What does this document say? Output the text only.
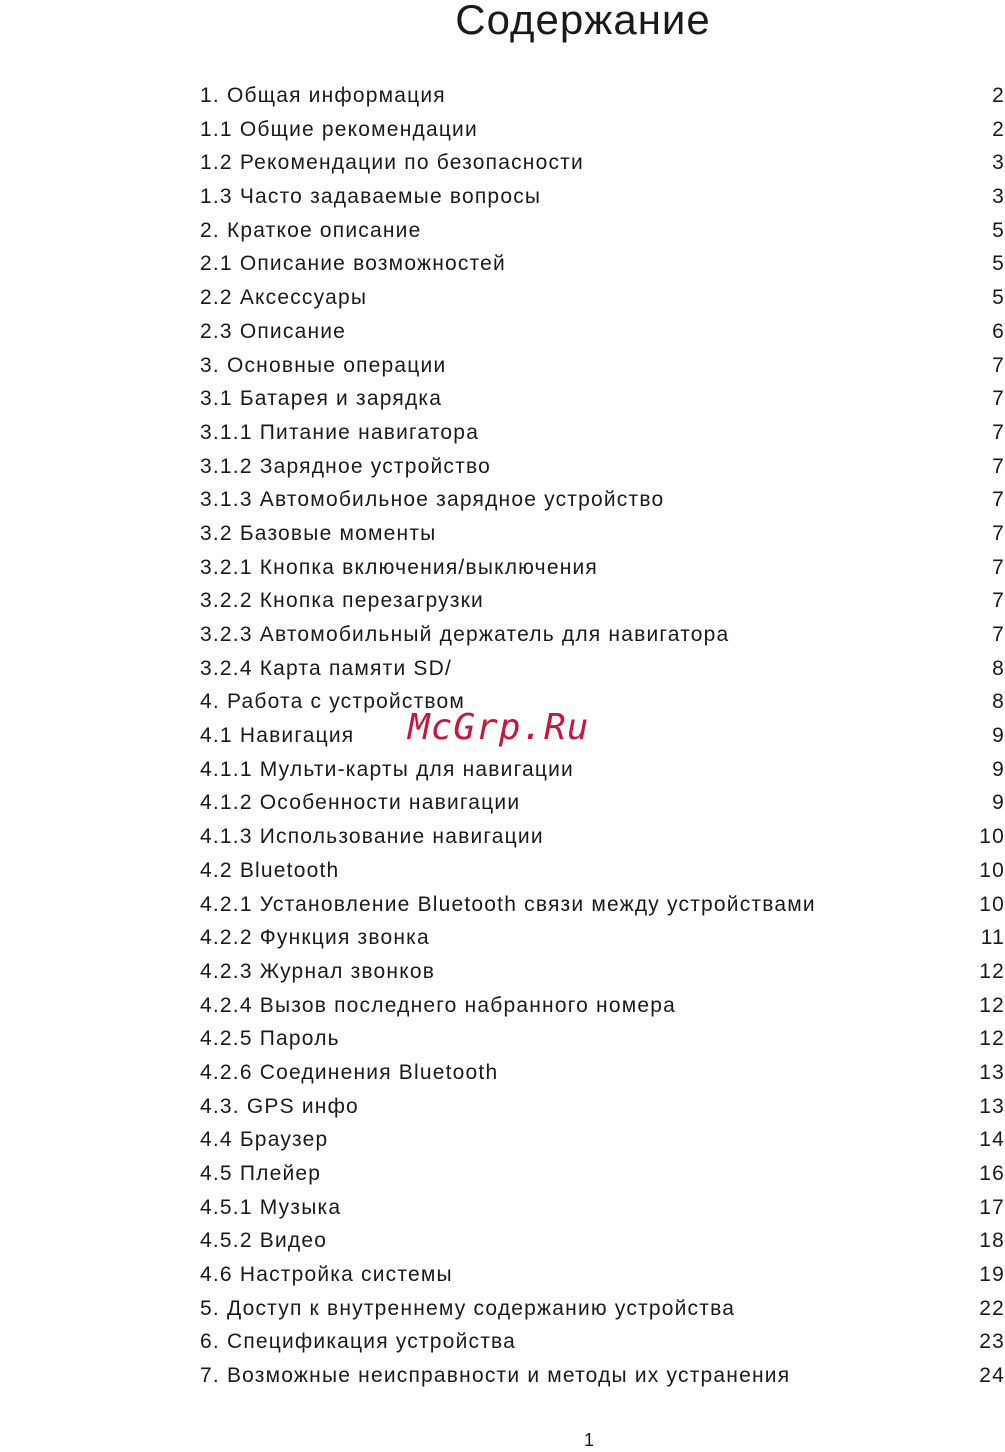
Содержание
1. Общая информация	2
1.1 Общие рекомендации	2
1.2 Рекомендации по безопасности	3
1.3 Часто задаваемые вопросы	3
2. Краткое описание	5
2.1 Описание возможностей	5
2.2 Аксессуары	5
2.3 Описание	6
3. Основные операции	7
3.1 Батарея и зарядка	7
3.1.1 Питание навигатора	7
3.1.2 Зарядное устройство	7
3.1.3 Автомобильное зарядное устройство	7
3.2 Базовые моменты	7
3.2.1 Кнопка включения/выключения	7
3.2.2 Кнопка перезагрузки	7
3.2.3 Автомобильный держатель для навигатора	7
3.2.4 Карта памяти SD/	8
4. Работа с устройством	8
4.1 Навигация	9
4.1.1 Мульти-карты для навигации	9
4.1.2 Особенности навигации	9
4.1.3 Использование навигации	10
4.2 Bluetooth	10
4.2.1 Установление Bluetooth связи между устройствами	10
4.2.2 Функция звонка	11
4.2.3 Журнал звонков	12
4.2.4 Вызов последнего набранного номера	12
4.2.5 Пароль	12
4.2.6 Соединения Bluetooth	13
4.3. GPS инфо	13
4.4 Браузер	14
4.5 Плейер	16
4.5.1 Музыка	17
4.5.2 Видео	18
4.6 Настройка системы	19
5. Доступ к внутреннему содержанию устройства	22
6. Спецификация устройства	23
7. Возможные неисправности и методы их устранения	24
McGrp.Ru
1
